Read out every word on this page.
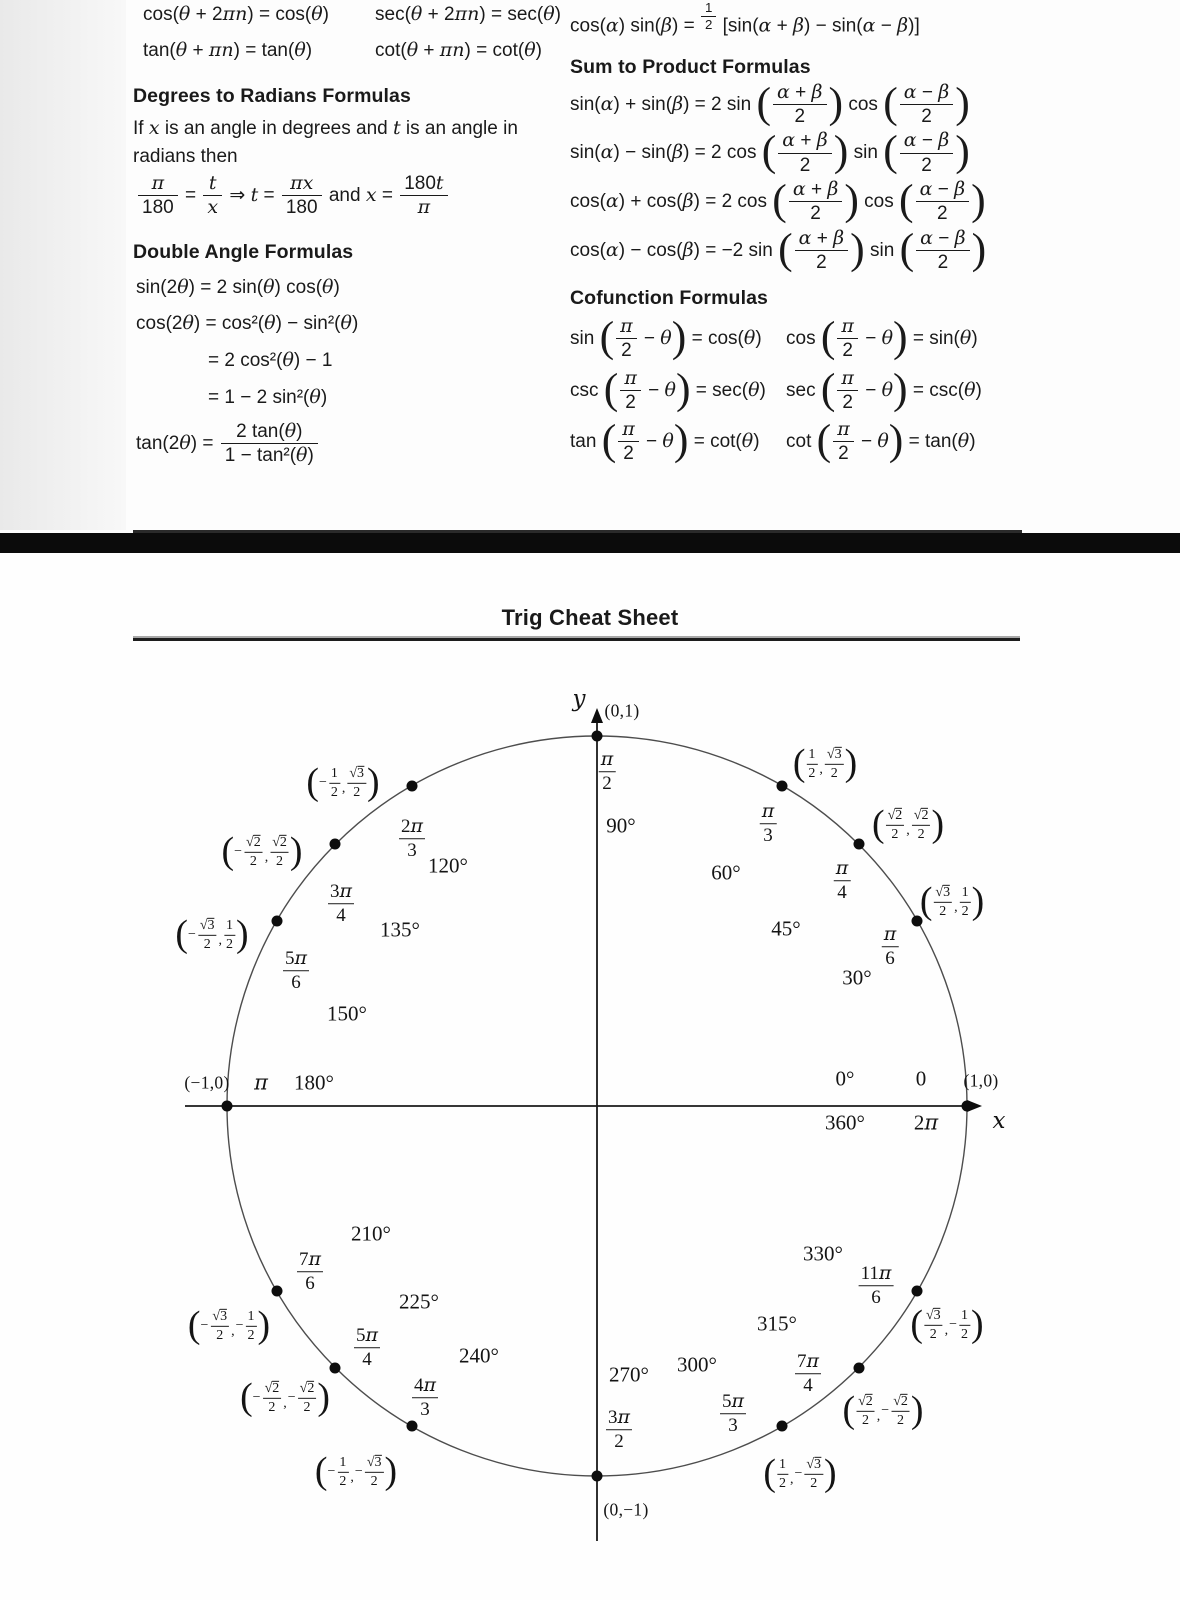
cos(θ + 2πn) = cos(θ)	sec(θ + 2πn) = sec(θ)
tan(θ + πn) = tan(θ)	cot(θ + πn) = cot(θ)
Degrees to Radians Formulas
If x is an angle in degrees and t is an angle in radians then
$\frac{\pi}{180} = \frac{t}{x}$ ⇒ $t = \frac{\pi x}{180}$ and $x = \frac{180t}{\pi}$
Double Angle Formulas
sin(2θ) = 2 sin(θ) cos(θ)
cos(2θ) = cos²(θ) − sin²(θ)
= 2 cos²(θ) − 1
= 1 − 2 sin²(θ)
$\tan(2\theta) = \frac{2 \tan(\theta)}{\text{1 − tan²(θ)}}$
cos(α) $\sin(\beta) = \frac{1}{2} [\sin(\alpha + \beta) - \sin(\alpha - \beta)]$
Sum to Product Formulas
sin(α) + sin(β) = 2 sin ( $\frac{\alpha + \beta}{2}$ ) cos ( $\frac{\alpha - \beta}{2}$ )
sin(α) − sin(β) = 2 cos ( $\frac{\alpha + \beta}{2}$ ) sin ( $\frac{\alpha - \beta}{2}$ )
cos(α) + cos(β) = 2 cos ( $\frac{\alpha + \beta}{2}$ ) cos ( $\frac{\alpha - \beta}{2}$ )
cos(α) − cos(β) = −2 sin ( $\frac{\alpha + \beta}{2}$ ) sin ( $\frac{\alpha - \beta}{2}$ )
Cofunction Formulas
sin ( $\frac{\pi}{2} - \theta) = \cos(\theta)$	cos ( $\frac{\pi}{2} - \theta) = \sin(\theta)$
csc ( $\frac{\pi}{2} - \theta) = \sec(\theta)$	sec ( $\frac{\pi}{2} - \theta) = \csc(\theta)$
tan ( $\frac{\pi}{2} - \theta) = \cot(\theta)$	cot ( $\frac{\pi}{2} - \theta) = \tan(\theta)$
Trig Cheat Sheet
y
x
(0,1)
(1,0)
(−1,0)
(0,−1)
$\frac{\pi}{2}$
90°	$\frac{\pi}{3}$
60°	$\frac{\pi}{4}$
45°	$\frac{\pi}{6}$
30°
0°	0
360° 2π
$\frac{2\pi}{3}$
120°
$\frac{3\pi}{4}$
135°
$\frac{5\pi}{6}$
150°
π 180°
$\frac{7\pi}{6}$
210°
$\frac{5\pi}{4}$
225°
$\frac{4\pi}{3}$
240°
$\frac{3\pi}{2}$
270°
$\frac{5\pi}{3}$
300°	$\frac{7\pi}{4}$
315°
$\frac{11\pi}{6}$
330°
( $\frac{1}{2}$ , $\frac{√3}{2}$ )
( $\frac{√2}{2}$ , $\frac{√2}{2}$ )
( $\frac{√3}{2}$ , $\frac{1}{2}$ )
(− $\frac{1}{2}$ , $\frac{√3}{2}$ )
(− $\frac{√2}{2}$ , $\frac{√2}{2}$ )
(− $\frac{√3}{2}$ , $\frac{1}{2}$ )
(− $\frac{√3}{2}$ ,− $\frac{1}{2}$ )
(− $\frac{√2}{2}$ ,− $\frac{√2}{2}$ )
(− $\frac{1}{2}$ ,− $\frac{√3}{2}$ )	( $\frac{1}{2}$ ,− $\frac{√3}{2}$ )
( $\frac{√2}{2}$ ,− $\frac{√2}{2}$ )
( $\frac{√3}{2}$ ,− $\frac{1}{2}$ )
